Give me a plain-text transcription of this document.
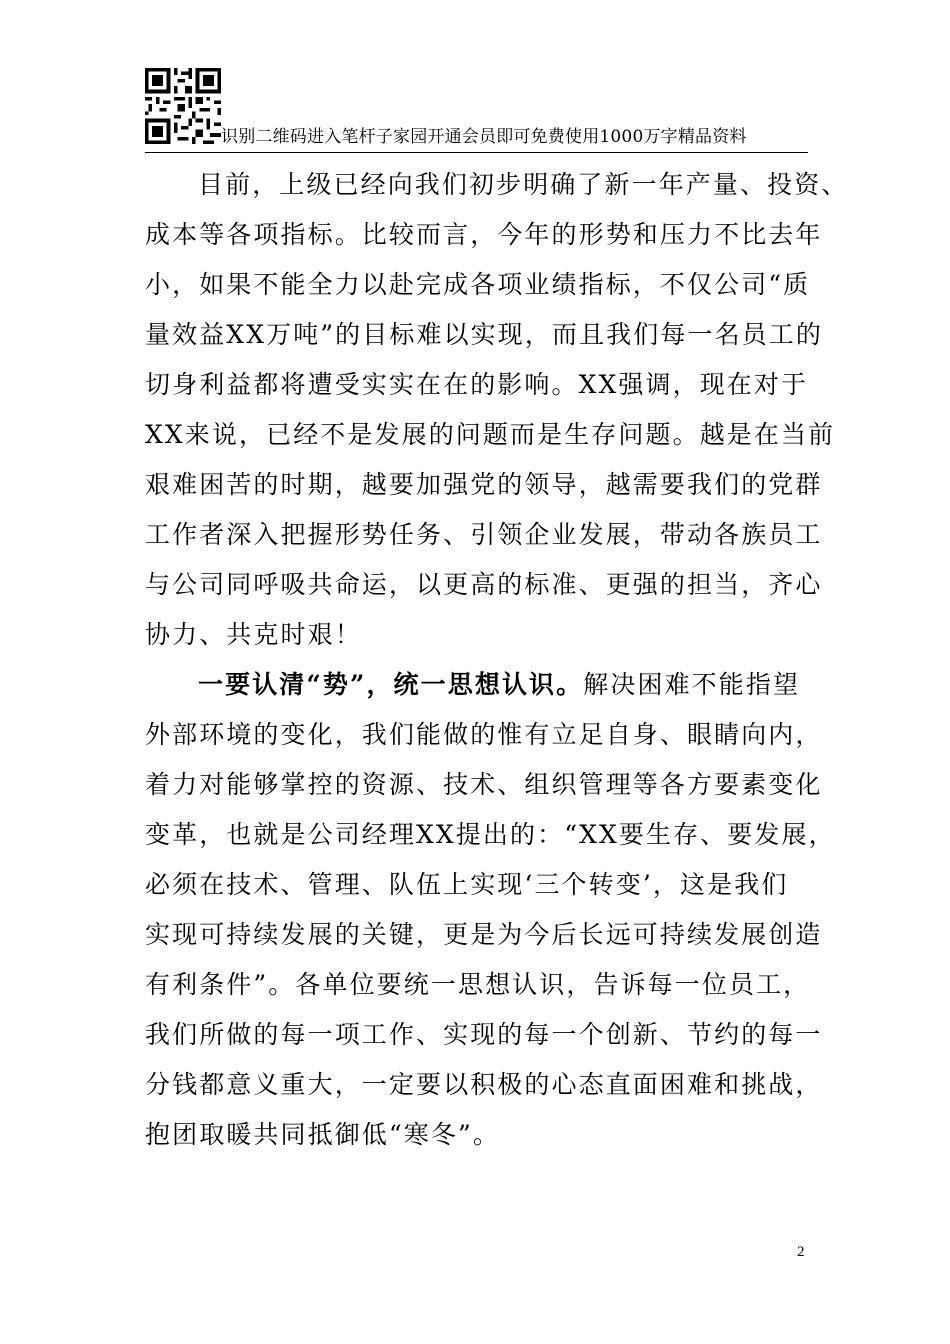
识别二维码进入笔杆子家园开通会员即可免费使用1000万字精品资料

目前，上级已经向我们初步明确了新一年产量、投资、
成本等各项指标。比较而言，今年的形势和压力不比去年
小，如果不能全力以赴完成各项业绩指标，不仅公司“质
量效益XX万吨”的目标难以实现，而且我们每一名员工的
切身利益都将遭受实实在在的影响。XX强调，现在对于
XX来说，已经不是发展的问题而是生存问题。越是在当前
艰难困苦的时期，越要加强党的领导，越需要我们的党群
工作者深入把握形势任务、引领企业发展，带动各族员工
与公司同呼吸共命运，以更高的标准、更强的担当，齐心
协力、共克时艰！

一要认清“势”，统一思想认识。解决困难不能指望
外部环境的变化，我们能做的惟有立足自身、眼睛向内，
着力对能够掌控的资源、技术、组织管理等各方要素变化
变革，也就是公司经理XX提出的：“XX要生存、要发展，
必须在技术、管理、队伍上实现‘三个转变’，这是我们
实现可持续发展的关键，更是为今后长远可持续发展创造
有利条件”。各单位要统一思想认识，告诉每一位员工，
我们所做的每一项工作、实现的每一个创新、节约的每一
分钱都意义重大，一定要以积极的心态直面困难和挑战，
抱团取暖共同抵御低“寒冬”。

2
